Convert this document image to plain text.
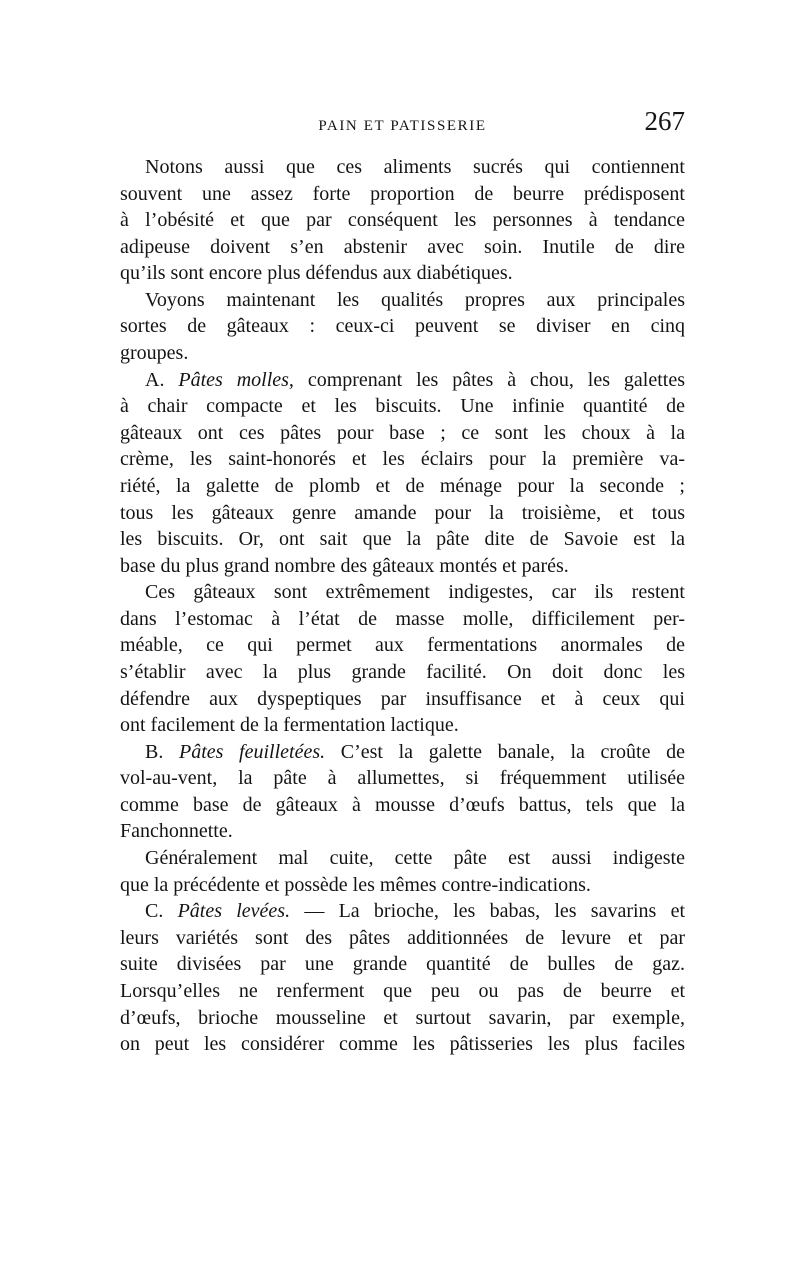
PAIN ET PATISSERIE	267
Notons aussi que ces aliments sucrés qui contiennent
souvent une assez forte proportion de beurre prédisposent
à l’obésité et que par conséquent les personnes à tendance
adipeuse doivent s’en abstenir avec soin. Inutile de dire
qu’ils sont encore plus défendus aux diabétiques.
Voyons maintenant les qualités propres aux principales
sortes de gâteaux : ceux-ci peuvent se diviser en cinq
groupes.
A. Pâtes molles, comprenant les pâtes à chou, les galettes
à chair compacte et les biscuits. Une infinie quantité de
gâteaux ont ces pâtes pour base ; ce sont les choux à la
crème, les saint-honorés et les éclairs pour la première va-
riété, la galette de plomb et de ménage pour la seconde ;
tous les gâteaux genre amande pour la troisième, et tous
les biscuits. Or, ont sait que la pâte dite de Savoie est la
base du plus grand nombre des gâteaux montés et parés.
Ces gâteaux sont extrêmement indigestes, car ils restent
dans l’estomac à l’état de masse molle, difficilement per-
méable, ce qui permet aux fermentations anormales de
s’établir avec la plus grande facilité. On doit donc les
défendre aux dyspeptiques par insuffisance et à ceux qui
ont facilement de la fermentation lactique.
B. Pâtes feuilletées. C’est la galette banale, la croûte de
vol-au-vent, la pâte à allumettes, si fréquemment utilisée
comme base de gâteaux à mousse d’œufs battus, tels que la
Fanchonnette.
Généralement mal cuite, cette pâte est aussi indigeste
que la précédente et possède les mêmes contre-indications.
C. Pâtes levées. — La brioche, les babas, les savarins et
leurs variétés sont des pâtes additionnées de levure et par
suite divisées par une grande quantité de bulles de gaz.
Lorsqu’elles ne renferment que peu ou pas de beurre et
d’œufs, brioche mousseline et surtout savarin, par exemple,
on peut les considérer comme les pâtisseries les plus faciles
